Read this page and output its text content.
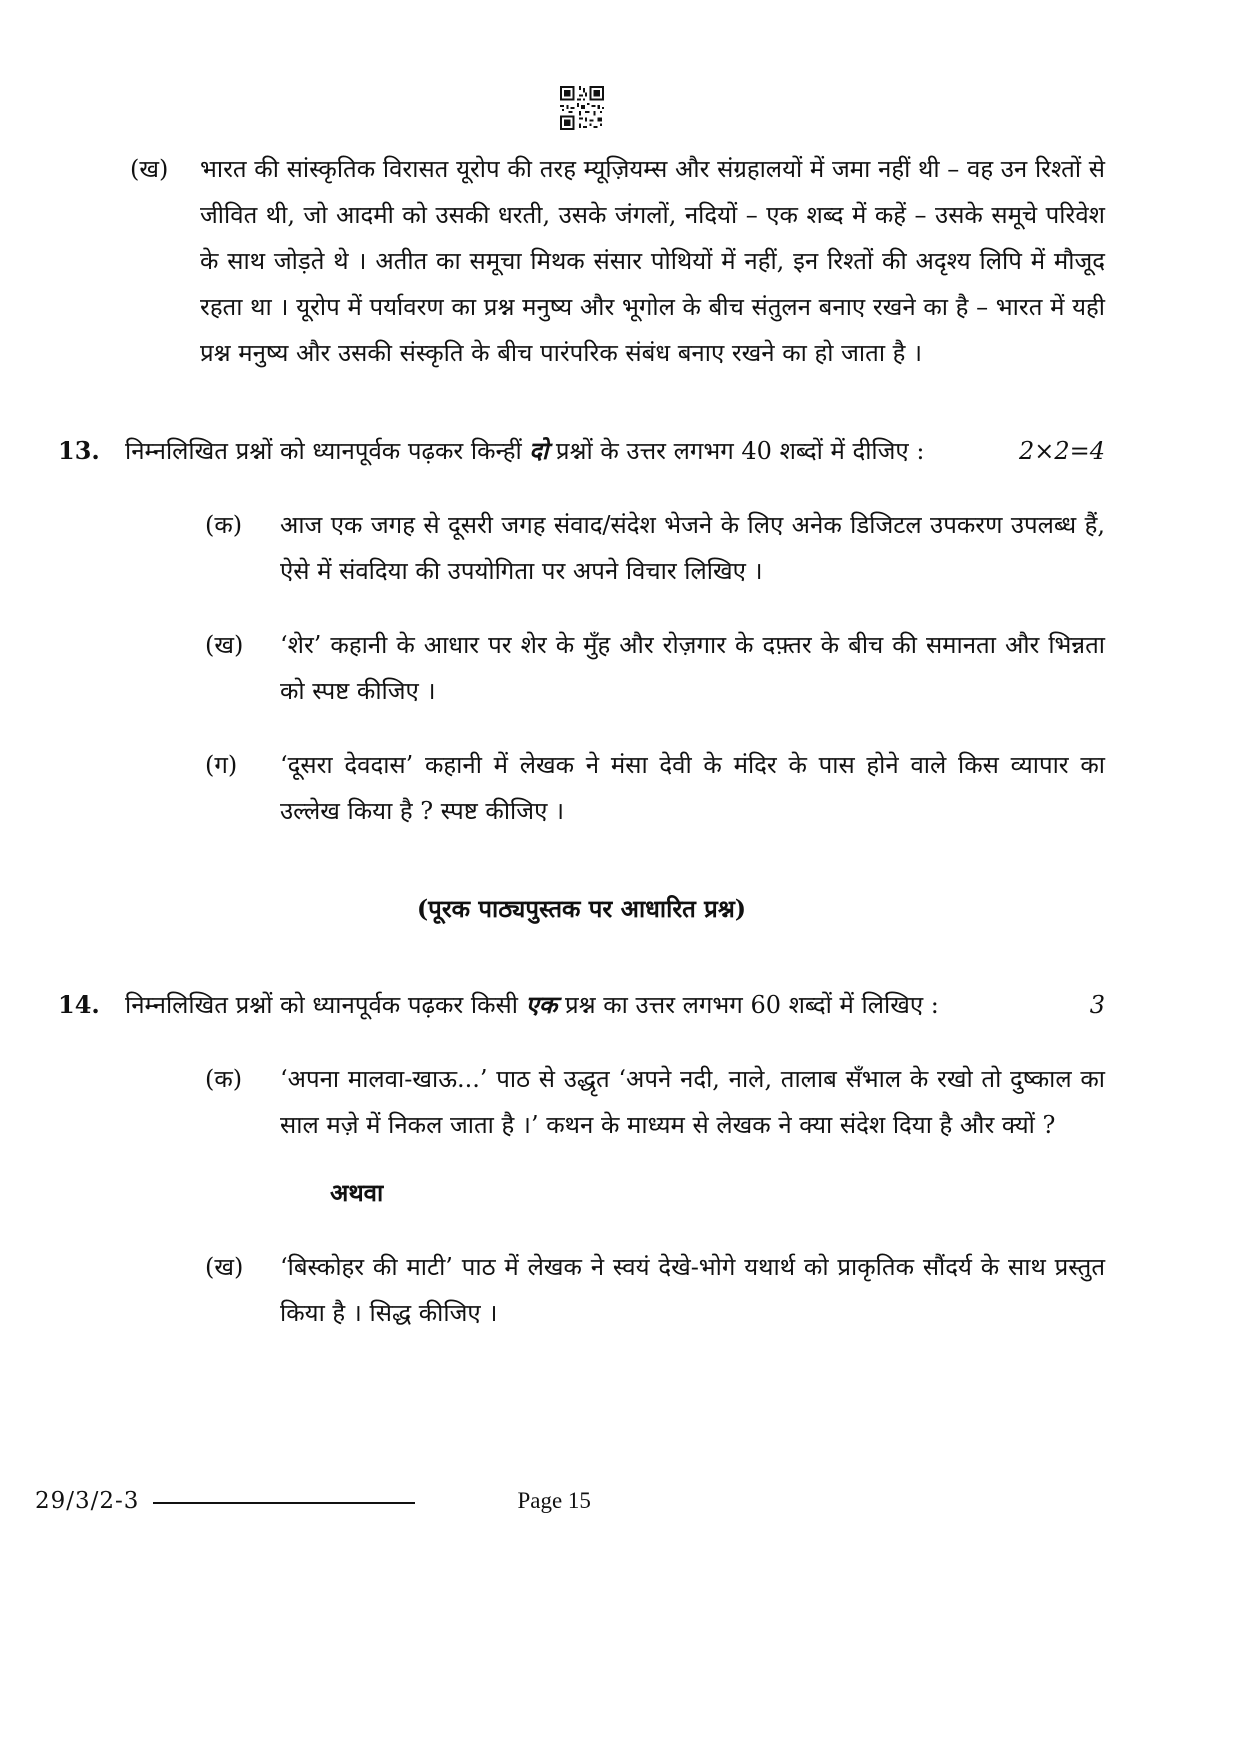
(ख)	भारत की सांस्कृतिक विरासत यूरोप की तरह म्यूज़ियम्स और संग्रहालयों में जमा नहीं थी – वह उन रिश्तों से जीवित थी, जो आदमी को उसकी धरती, उसके जंगलों, नदियों – एक शब्द में कहें – उसके समूचे परिवेश के साथ जोड़ते थे । अतीत का समूचा मिथक संसार पोथियों में नहीं, इन रिश्तों की अदृश्य लिपि में मौजूद रहता था । यूरोप में पर्यावरण का प्रश्न मनुष्य और भूगोल के बीच संतुलन बनाए रखने का है – भारत में यही प्रश्न मनुष्य और उसकी संस्कृति के बीच पारंपरिक संबंध बनाए रखने का हो जाता है ।
13.	निम्नलिखित प्रश्नों को ध्यानपूर्वक पढ़कर किन्हीं दो प्रश्नों के उत्तर लगभग 40 शब्दों में दीजिए :	2×2=4
(क)	आज एक जगह से दूसरी जगह संवाद/संदेश भेजने के लिए अनेक डिजिटल उपकरण उपलब्ध हैं, ऐसे में संवदिया की उपयोगिता पर अपने विचार लिखिए ।
(ख)	‘शेर’ कहानी के आधार पर शेर के मुँह और रोज़गार के दफ़्तर के बीच की समानता और भिन्नता को स्पष्ट कीजिए ।
(ग)	‘दूसरा देवदास’ कहानी में लेखक ने मंसा देवी के मंदिर के पास होने वाले किस व्यापार का उल्लेख किया है ? स्पष्ट कीजिए ।
(पूरक पाठ्यपुस्तक पर आधारित प्रश्न)
14.	निम्नलिखित प्रश्नों को ध्यानपूर्वक पढ़कर किसी एक प्रश्न का उत्तर लगभग 60 शब्दों में लिखिए :	3
(क)	‘अपना मालवा-खाऊ...’ पाठ से उद्धृत ‘अपने नदी, नाले, तालाब सँभाल के रखो तो दुष्काल का साल मज़े में निकल जाता है ।’ कथन के माध्यम से लेखक ने क्या संदेश दिया है और क्यों ?
अथवा
(ख)	‘बिस्कोहर की माटी’ पाठ में लेखक ने स्वयं देखे-भोगे यथार्थ को प्राकृतिक सौंदर्य के साथ प्रस्तुत किया है । सिद्ध कीजिए ।
29/3/2-3	Page 15
